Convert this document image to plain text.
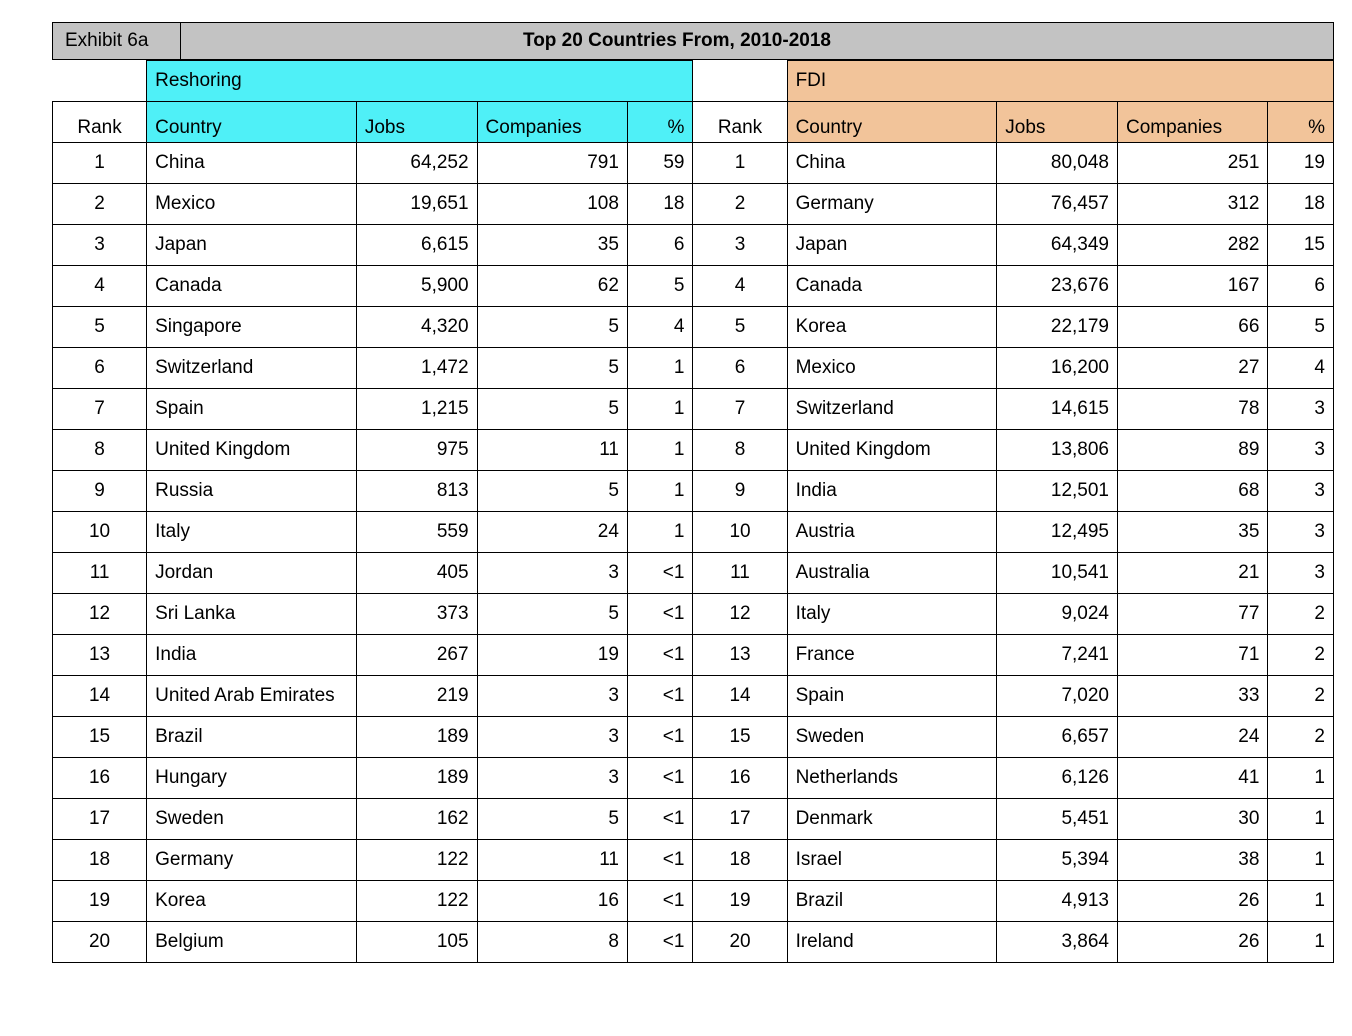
Exhibit 6a	Top 20 Countries From, 2010-2018
	Reshoring					FDI			
Rank	Country	Jobs	Companies	%	Rank	Country	Jobs	Companies	%
1	China	64,252	791	59	1	China	80,048	251	19
2	Mexico	19,651	108	18	2	Germany	76,457	312	18
3	Japan	6,615	35	6	3	Japan	64,349	282	15
4	Canada	5,900	62	5	4	Canada	23,676	167	6
5	Singapore	4,320	5	4	5	Korea	22,179	66	5
6	Switzerland	1,472	5	1	6	Mexico	16,200	27	4
7	Spain	1,215	5	1	7	Switzerland	14,615	78	3
8	United Kingdom	975	11	1	8	United Kingdom	13,806	89	3
9	Russia	813	5	1	9	India	12,501	68	3
10	Italy	559	24	1	10	Austria	12,495	35	3
11	Jordan	405	3	<1	11	Australia	10,541	21	3
12	Sri Lanka	373	5	<1	12	Italy	9,024	77	2
13	India	267	19	<1	13	France	7,241	71	2
14	United Arab Emirates	219	3	<1	14	Spain	7,020	33	2
15	Brazil	189	3	<1	15	Sweden	6,657	24	2
16	Hungary	189	3	<1	16	Netherlands	6,126	41	1
17	Sweden	162	5	<1	17	Denmark	5,451	30	1
18	Germany	122	11	<1	18	Israel	5,394	38	1
19	Korea	122	16	<1	19	Brazil	4,913	26	1
20	Belgium	105	8	<1	20	Ireland	3,864	26	1
